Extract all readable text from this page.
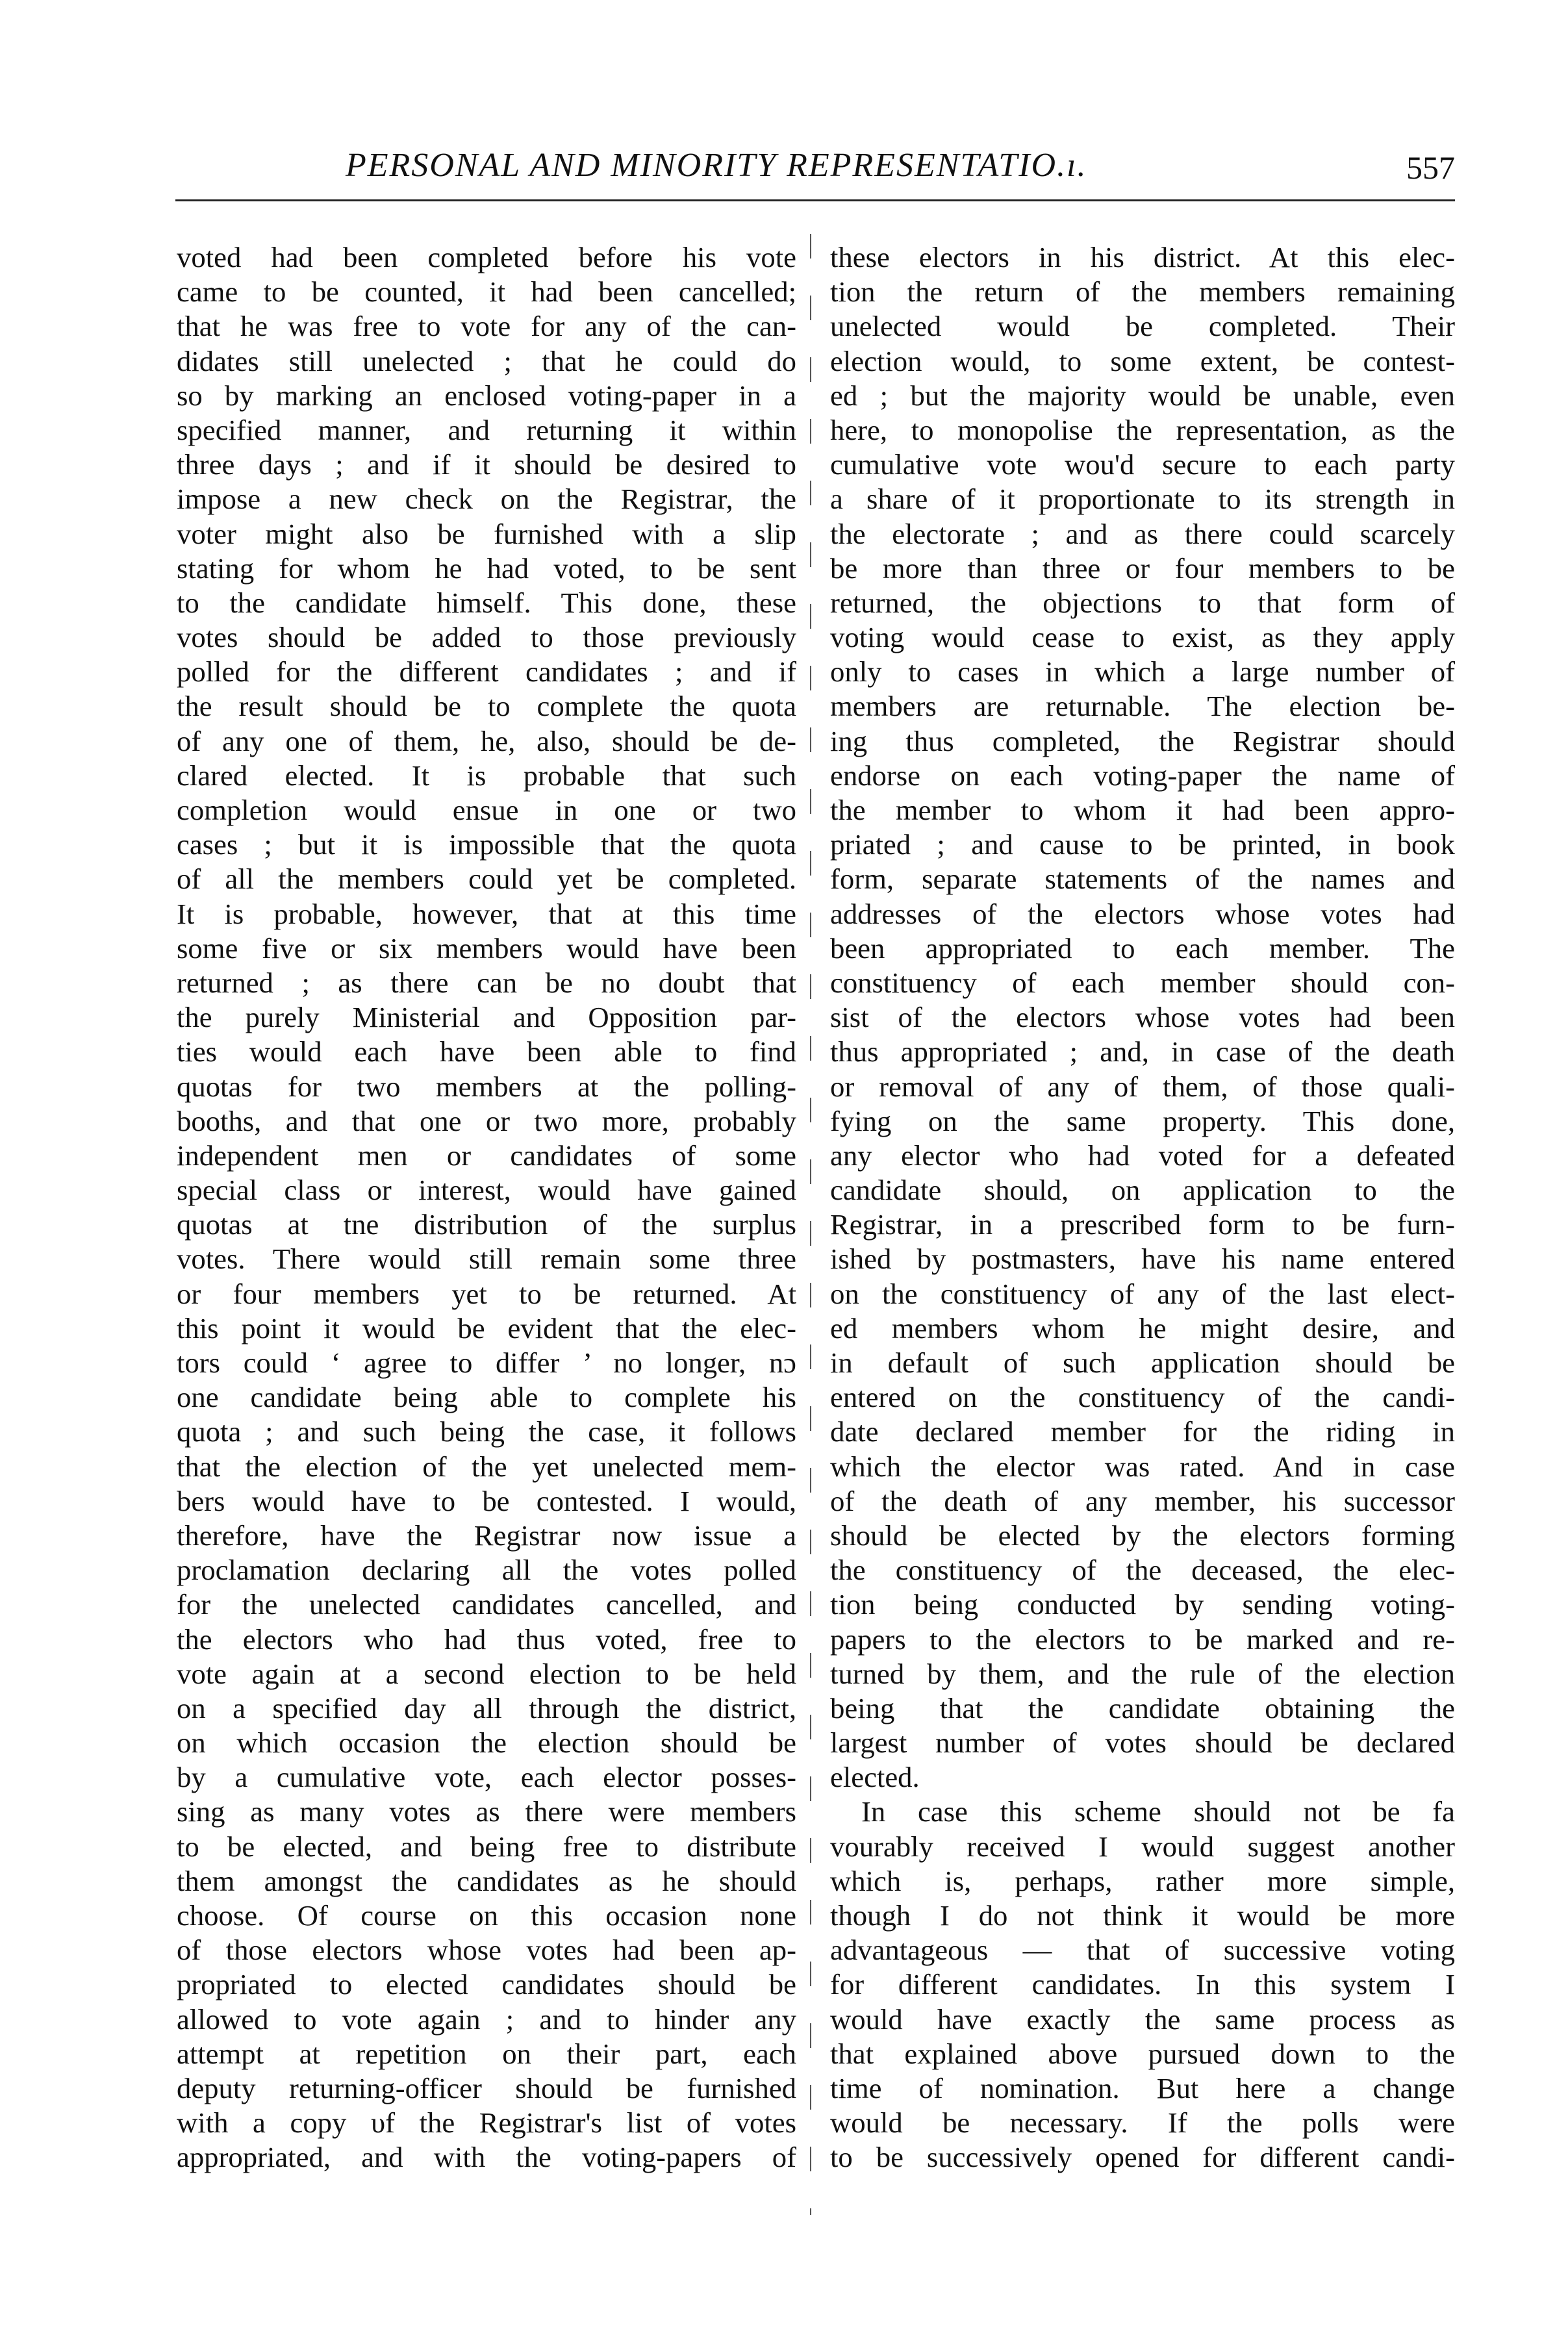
PERSONAL AND MINORITY REPRESENTATIO.ı.	557
voted had been completed before his vote
came to be counted, it had been cancelled;
that he was free to vote for any of the can-
didates still unelected ; that he could do
so by marking an enclosed voting-paper in a
specified manner, and returning it within
three days ; and if it should be desired to
impose a new check on the Registrar, the
voter might also be furnished with a slip
stating for whom he had voted, to be sent
to the candidate himself. This done, these
votes should be added to those previously
polled for the different candidates ; and if
the result should be to complete the quota
of any one of them, he, also, should be de-
clared elected. It is probable that such
completion would ensue in one or two
cases ; but it is impossible that the quota
of all the members could yet be completed.
It is probable, however, that at this time
some five or six members would have been
returned ; as there can be no doubt that
the purely Ministerial and Opposition par-
ties would each have been able to find
quotas for two members at the polling-
booths, and that one or two more, probably
independent men or candidates of some
special class or interest, would have gained
quotas at tne distribution of the surplus
votes. There would still remain some three
or four members yet to be returned. At
this point it would be evident that the elec-
tors could ‘ agree to differ ’ no longer, nɔ
one candidate being able to complete his
quota ; and such being the case, it follows
that the election of the yet unelected mem-
bers would have to be contested. I would,
therefore, have the Registrar now issue a
proclamation declaring all the votes polled
for the unelected candidates cancelled, and
the electors who had thus voted, free to
vote again at a second election to be held
on a specified day all through the district,
on which occasion the election should be
by a cumulative vote, each elector posses-
sing as many votes as there were members
to be elected, and being free to distribute
them amongst the candidates as he should
choose. Of course on this occasion none
of those electors whose votes had been ap-
propriated to elected candidates should be
allowed to vote again ; and to hinder any
attempt at repetition on their part, each
deputy returning-officer should be furnished
with a copy υf the Registrar's list of votes
appropriated, and with the voting-papers of
these electors in his district. At this elec-
tion the return of the members remaining
unelected would be completed. Their
election would, to some extent, be contest-
ed ; but the majority would be unable, even
here, to monopolise the representation, as the
cumulative vote wou'd secure to each party
a share of it proportionate to its strength in
the electorate ; and as there could scarcely
be more than three or four members to be
returned, the objections to that form of
voting would cease to exist, as they apply
only to cases in which a large number of
members are returnable. The election be-
ing thus completed, the Registrar should
endorse on each voting-paper the name of
the member to whom it had been appro-
priated ; and cause to be printed, in book
form, separate statements of the names and
addresses of the electors whose votes had
been appropriated to each member. The
constituency of each member should con-
sist of the electors whose votes had been
thus appropriated ; and, in case of the death
or removal of any of them, of those quali-
fying on the same property. This done,
any elector who had voted for a defeated
candidate should, on application to the
Registrar, in a prescribed form to be furn-
ished by postmasters, have his name entered
on the constituency of any of the last elect-
ed members whom he might desire, and
in default of such application should be
entered on the constituency of the candi-
date declared member for the riding in
which the elector was rated. And in case
of the death of any member, his successor
should be elected by the electors forming
the constituency of the deceased, the elec-
tion being conducted by sending voting-
papers to the electors to be marked and re-
turned by them, and the rule of the election
being that the candidate obtaining the
largest number of votes should be declared
elected.
In case this scheme should not be fa
vourably received I would suggest another
which is, perhaps, rather more simple,
though I do not think it would be more
advantageous — that of successive voting
for different candidates. In this system I
would have exactly the same process as
that explained above pursued down to the
time of nomination. But here a change
would be necessary. If the polls were
to be successively opened for different candi-
